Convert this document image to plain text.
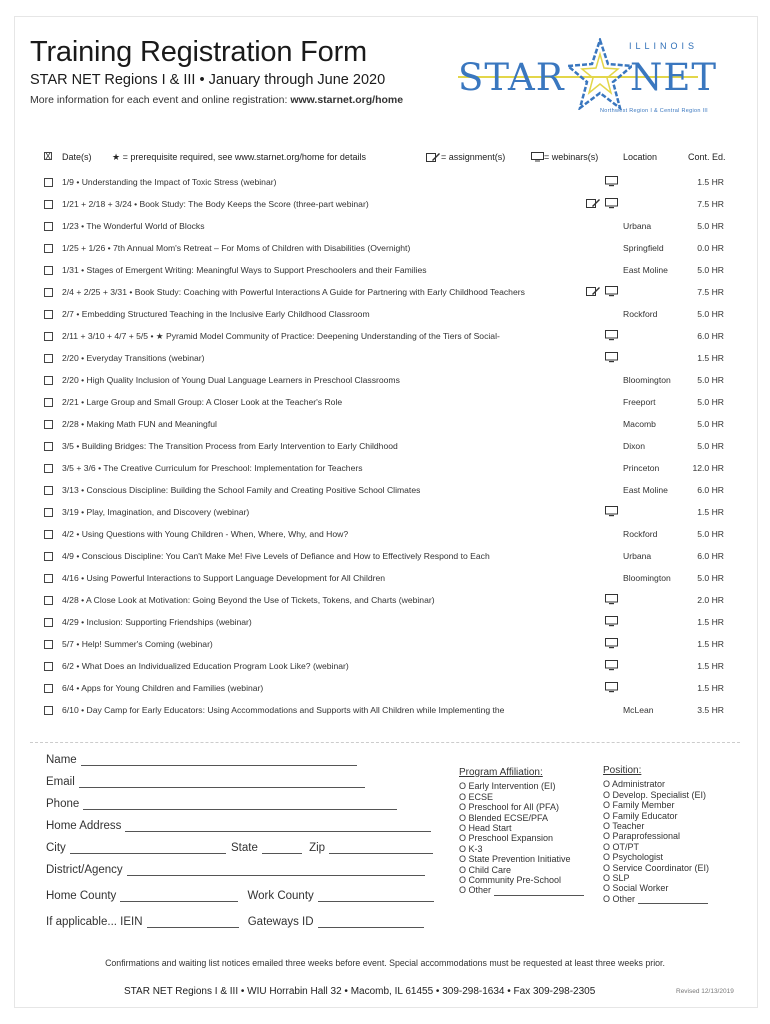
Training Registration Form
STAR NET Regions I & III • January through June 2020
More information for each event and online registration: www.starnet.org/home
ILLINOIS
STAR NET
Northwest Region I & Central Region III
X Date(s) ★ = prerequisite required, see www.starnet.org/home for details	= assignment(s)	= webinars(s)	Location	Cont. Ed.
1/9 • Understanding the Impact of Toxic Stress (webinar)	1.5 HR
1/21 + 2/18 + 3/24 • Book Study: The Body Keeps the Score (three-part webinar)	7.5 HR
1/23 • The Wonderful World of Blocks	Urbana	5.0 HR
1/25 + 1/26 • 7th Annual Mom's Retreat – For Moms of Children with Disabilities (Overnight)	Springfield	0.0 HR
1/31 • Stages of Emergent Writing: Meaningful Ways to Support Preschoolers and their Families	East Moline	5.0 HR
2/4 + 2/25 + 3/31 • Book Study: Coaching with Powerful Interactions A Guide for Partnering with Early Childhood Teachers	7.5 HR
2/7 • Embedding Structured Teaching in the Inclusive Early Childhood Classroom	Rockford	5.0 HR
2/11 + 3/10 + 4/7 + 5/5 • ★ Pyramid Model Community of Practice: Deepening Understanding of the Tiers of Social-	6.0 HR
2/20 • Everyday Transitions (webinar)	1.5 HR
2/20 • High Quality Inclusion of Young Dual Language Learners in Preschool Classrooms	Bloomington	5.0 HR
2/21 • Large Group and Small Group: A Closer Look at the Teacher's Role	Freeport	5.0 HR
2/28 • Making Math FUN and Meaningful	Macomb	5.0 HR
3/5 • Building Bridges: The Transition Process from Early Intervention to Early Childhood	Dixon	5.0 HR
3/5 + 3/6 • The Creative Curriculum for Preschool: Implementation for Teachers	Princeton	12.0 HR
3/13 • Conscious Discipline: Building the School Family and Creating Positive School Climates	East Moline	6.0 HR
3/19 • Play, Imagination, and Discovery (webinar)	1.5 HR
4/2 • Using Questions with Young Children - When, Where, Why, and How?	Rockford	5.0 HR
4/9 • Conscious Discipline: You Can't Make Me! Five Levels of Defiance and How to Effectively Respond to Each	Urbana	6.0 HR
4/16 • Using Powerful Interactions to Support Language Development for All Children	Bloomington	5.0 HR
4/28 • A Close Look at Motivation: Going Beyond the Use of Tickets, Tokens, and Charts (webinar)	2.0 HR
4/29 • Inclusion: Supporting Friendships (webinar)	1.5 HR
5/7 • Help! Summer's Coming (webinar)	1.5 HR
6/2 • What Does an Individualized Education Program Look Like? (webinar)	1.5 HR
6/4 • Apps for Young Children and Families (webinar)	1.5 HR
6/10 • Day Camp for Early Educators: Using Accommodations and Supports with All Children while Implementing the	McLean	3.5 HR
Name
Email
Phone
Home Address
City	State	Zip
District/Agency
Home County	Work County
If applicable... IEIN	Gateways ID
Program Affiliation:
O Early Intervention (EI)
O ECSE
O Preschool for All (PFA)
O Blended ECSE/PFA
O Head Start
O Preschool Expansion
O K-3
O State Prevention Initiative
O Child Care
O Community Pre-School
O Other
Position:
O Administrator
O Develop. Specialist (EI)
O Family Member
O Family Educator
O Teacher
O Paraprofessional
O OT/PT
O Psychologist
O Service Coordinator (EI)
O SLP
O Social Worker
O Other
Confirmations and waiting list notices emailed three weeks before event. Special accommodations must be requested at least three weeks prior.
STAR NET Regions I & III • WIU Horrabin Hall 32 • Macomb, IL 61455 • 309-298-1634 • Fax 309-298-2305	Revised 12/13/2019
